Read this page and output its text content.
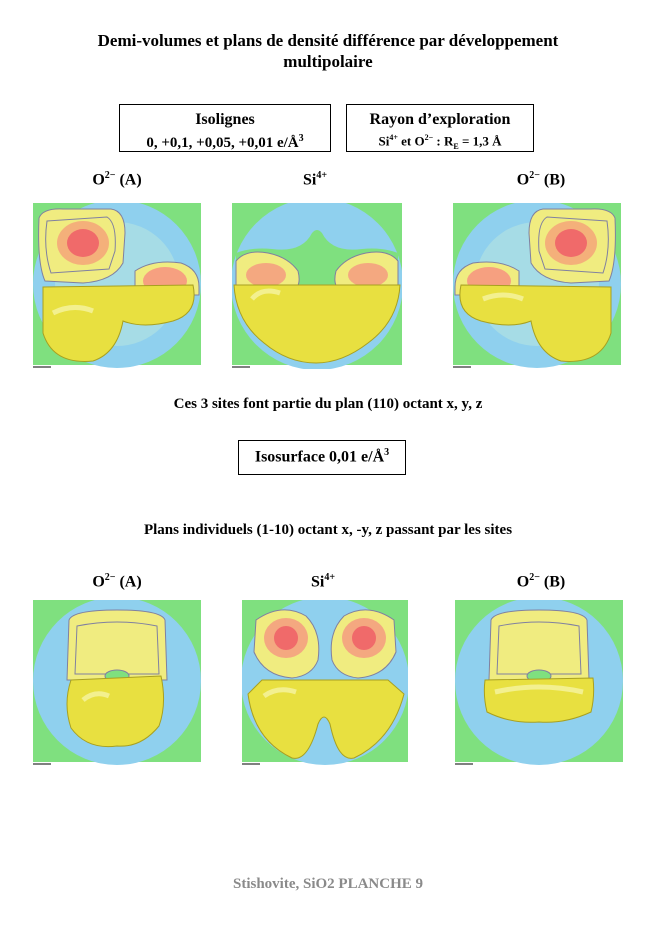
Demi-volumes et plans de densité différence par développement
multipolaire
Isolignes
0, +0,1, +0,05, +0,01 $e/Å^3$
Rayon d’exploration
$Si^{4+}$ et $O^{2-}$ : $R_E = 1,3$ Å
$O^{2-}$ (A)	$Si^{4+}$	$O^{2-}$ (B)
Ces 3 sites font partie du plan (110) octant x, y, z
Isosurface 0,01 $e/Å^3$
Plans individuels (1-10) octant x, -y, z passant par les sites
$O^{2-}$ (A)	$Si^{4+}$	$O^{2-}$ (B)
Stishovite, SiO2 PLANCHE 9
